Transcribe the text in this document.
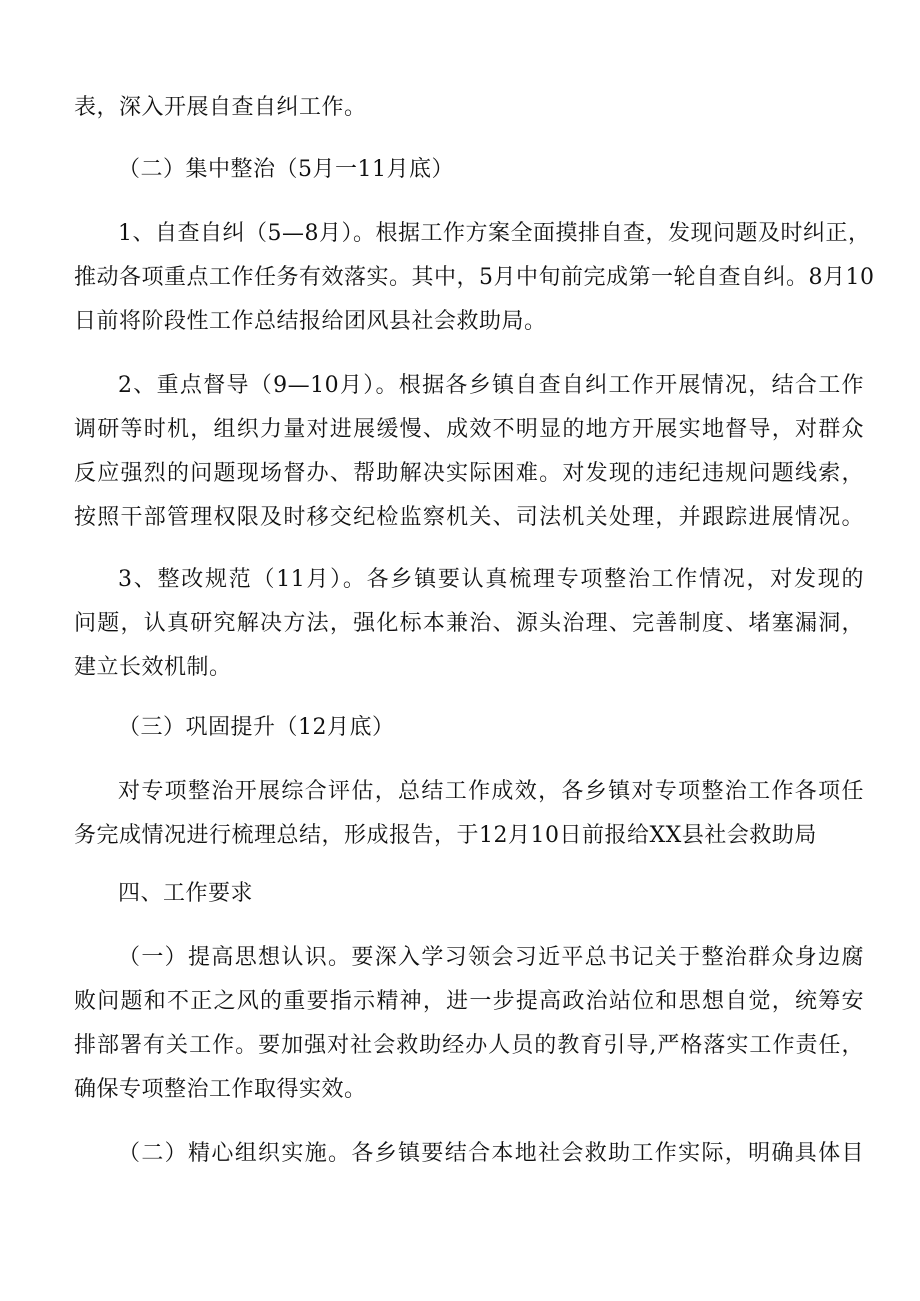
表，深入开展自查自纠工作。
（二）集中整治（5月一11月底）
1、自查自纠（5—8月）。根据工作方案全面摸排自查，发现问题及时纠正，
推动各项重点工作任务有效落实。其中，5月中旬前完成第一轮自查自纠。8月10
日前将阶段性工作总结报给团风县社会救助局。
2、重点督导（9—10月）。根据各乡镇自查自纠工作开展情况，结合工作
调研等时机，组织力量对进展缓慢、成效不明显的地方开展实地督导，对群众
反应强烈的问题现场督办、帮助解决实际困难。对发现的违纪违规问题线索，
按照干部管理权限及时移交纪检监察机关、司法机关处理，并跟踪进展情况。
3、整改规范（11月）。各乡镇要认真梳理专项整治工作情况，对发现的
问题，认真研究解决方法，强化标本兼治、源头治理、完善制度、堵塞漏洞，
建立长效机制。
（三）巩固提升（12月底）
对专项整治开展综合评估，总结工作成效，各乡镇对专项整治工作各项任
务完成情况进行梳理总结，形成报告，于12月10日前报给XX县社会救助局
四、工作要求
（一）提高思想认识。要深入学习领会习近平总书记关于整治群众身边腐
败问题和不正之风的重要指示精神，进一步提高政治站位和思想自觉，统筹安
排部署有关工作。要加强对社会救助经办人员的教育引导,严格落实工作责任，
确保专项整治工作取得实效。
（二）精心组织实施。各乡镇要结合本地社会救助工作实际，明确具体目
